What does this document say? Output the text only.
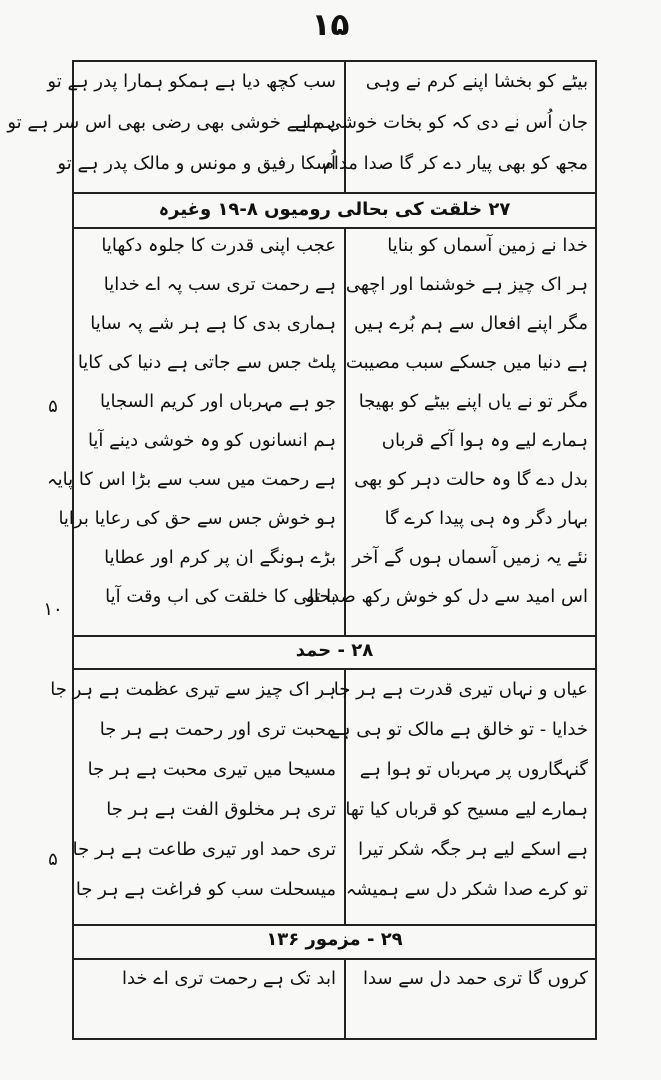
۱۵
بیٹے کو بخشا اپنے کرم نے وہی
جان اُس نے دی کہ کو بخات خوشی ملے
مجھ کو بھی پیار دے کر گا صدا مدام
سب کچھ دیا ہے ہمکو ہمارا پدر ہے تو
ہم ہے خوشی بھی رضی بھی اس سر ہے تو
اُسکا رفیق و مونس و مالک پدر ہے تو
۲۷ خلقت کی بحالی رومیوں ۸-۱۹ وغیرہ
خدا نے زمین آسماں کو بنایا
ہر اک چیز ہے خوشنما اور اچھی
مگر اپنے افعال سے ہم بُرے ہیں
ہے دنیا میں جسکے سبب مصیبت
مگر تو نے یاں اپنے بیٹے کو بھیجا
ہمارے لیے وہ ہوا آکے قرباں
بدل دے گا وہ حالت دہر کو بھی
بہار دگر وہ ہی پیدا کرے گا
نئے یہ زمیں آسماں ہوں گے آخر
اس امید سے دل کو خوش رکھ صدا تو
عجب اپنی قدرت کا جلوہ دکھایا
ہے رحمت تری سب پہ اے خدایا
ہماری بدی کا ہے ہر شے پہ سایا
پلٹ جس سے جاتی ہے دنیا کی کایا
جو ہے مہرباں اور کریم السجایا
ہم انسانوں کو وہ خوشی دینے آیا
ہے رحمت میں سب سے بڑا اس کا پایہ
ہو خوش جس سے حق کی رعایا برایا
بڑے ہونگے ان پر کرم اور عطایا
بحالی کا خلقت کی اب وقت آیا
۵
۱۰
۲۸ - حمد
عیاں و نہاں تیری قدرت ہے ہر جا
خدایا - تو خالق ہے مالک تو ہی ہے
گنہگاروں پر مہرباں تو ہوا ہے
ہمارے لیے مسیح کو قرباں کیا تھا
ہے اسکے لیے ہر جگہ شکر تیرا
تو کرے صدا شکر دل سے ہمیشہ
ہر اک چیز سے تیری عظمت ہے ہر جا
محبت تری اور رحمت ہے ہر جا
مسیحا میں تیری محبت ہے ہر جا
تری ہر مخلوق الفت ہے ہر جا
تری حمد اور تیری طاعت ہے ہر جا
میسحلت سب کو فراغت ہے ہر جا
۵
۲۹ - مزمور ۱۳۶
کروں گا تری حمد دل سے سدا
ابد تک ہے رحمت تری اے خدا
